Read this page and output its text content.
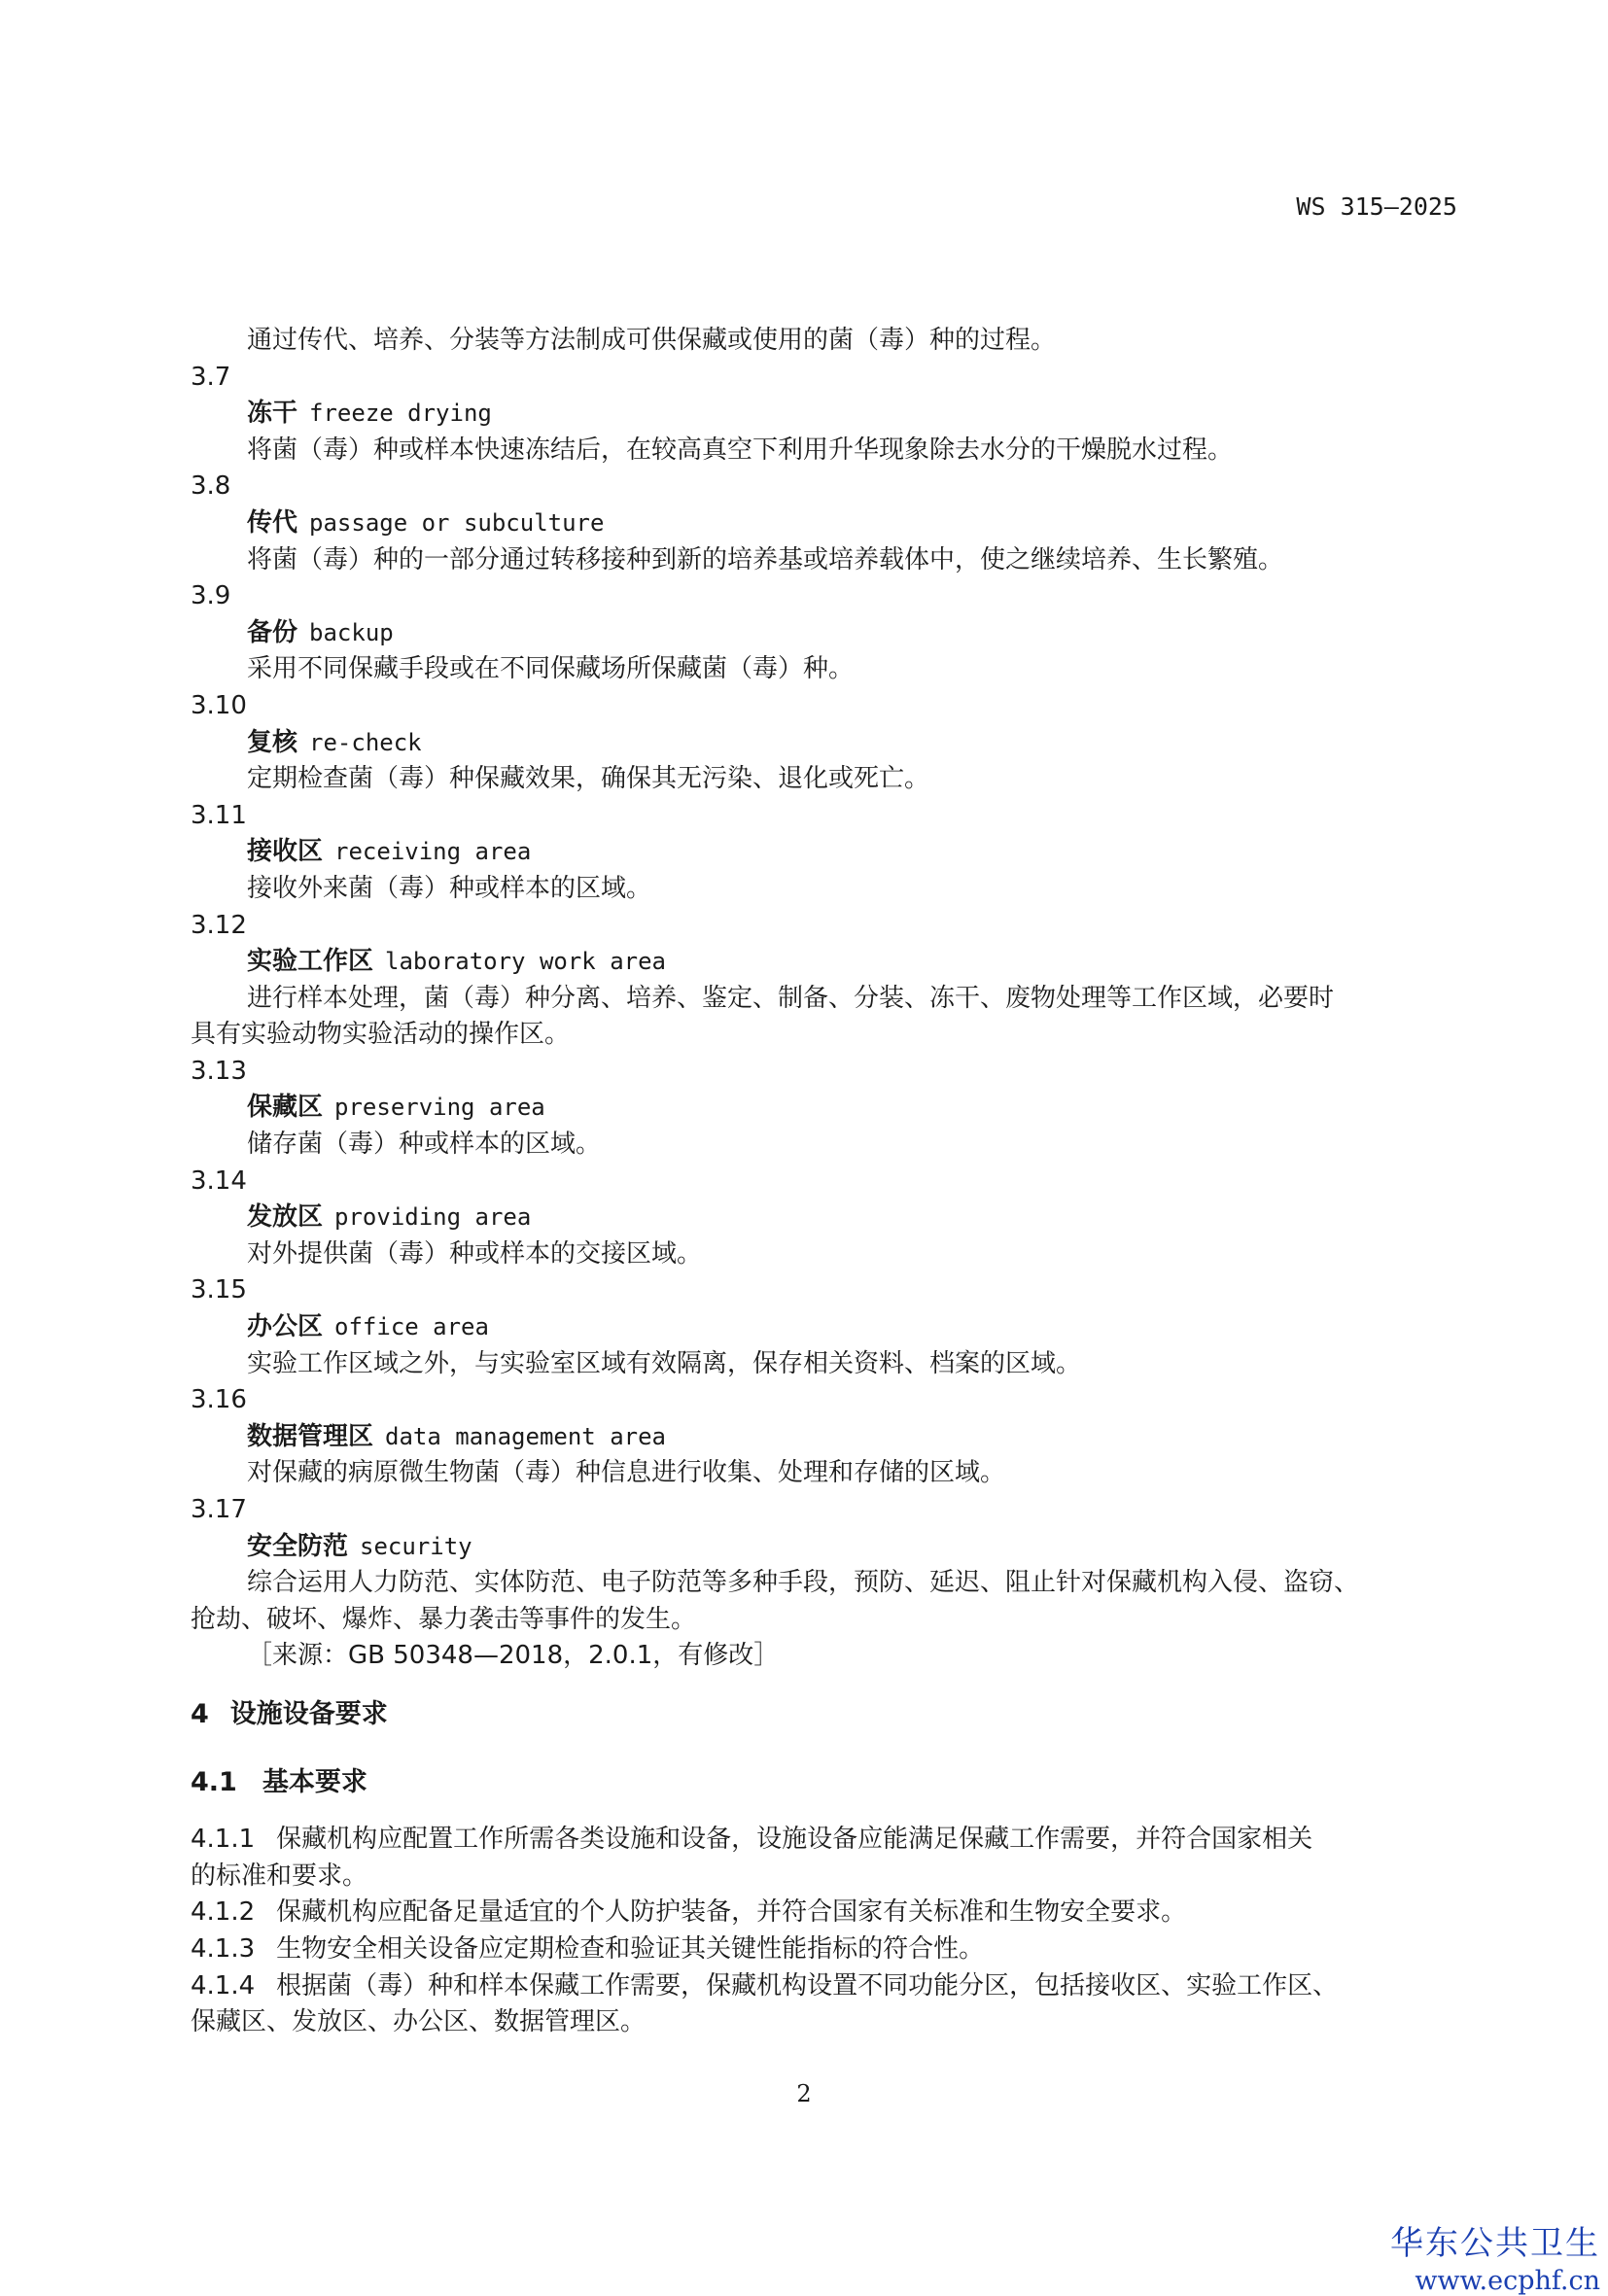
WS 315—2025
通过传代、培养、分装等方法制成可供保藏或使用的菌（毒）种的过程。
3.7
冻干 freeze drying
将菌（毒）种或样本快速冻结后，在较高真空下利用升华现象除去水分的干燥脱水过程。
3.8
传代 passage or subculture
将菌（毒）种的一部分通过转移接种到新的培养基或培养载体中，使之继续培养、生长繁殖。
3.9
备份 backup
采用不同保藏手段或在不同保藏场所保藏菌（毒）种。
3.10
复核 re-check
定期检查菌（毒）种保藏效果，确保其无污染、退化或死亡。
3.11
接收区 receiving area
接收外来菌（毒）种或样本的区域。
3.12
实验工作区 laboratory work area
进行样本处理，菌（毒）种分离、培养、鉴定、制备、分装、冻干、废物处理等工作区域，必要时
具有实验动物实验活动的操作区。
3.13
保藏区 preserving area
储存菌（毒）种或样本的区域。
3.14
发放区 providing area
对外提供菌（毒）种或样本的交接区域。
3.15
办公区 office area
实验工作区域之外，与实验室区域有效隔离，保存相关资料、档案的区域。
3.16
数据管理区 data management area
对保藏的病原微生物菌（毒）种信息进行收集、处理和存储的区域。
3.17
安全防范 security
综合运用人力防范、实体防范、电子防范等多种手段，预防、延迟、阻止针对保藏机构入侵、盗窃、
抢劫、破坏、爆炸、暴力袭击等事件的发生。
［来源：GB 50348—2018，2.0.1，有修改］
4 设施设备要求
4.1 基本要求
4.1.1 保藏机构应配置工作所需各类设施和设备，设施设备应能满足保藏工作需要，并符合国家相关
的标准和要求。
4.1.2 保藏机构应配备足量适宜的个人防护装备，并符合国家有关标准和生物安全要求。
4.1.3 生物安全相关设备应定期检查和验证其关键性能指标的符合性。
4.1.4 根据菌（毒）种和样本保藏工作需要，保藏机构设置不同功能分区，包括接收区、实验工作区、
保藏区、发放区、办公区、数据管理区。
2
华东公共卫生
www.ecphf.cn
